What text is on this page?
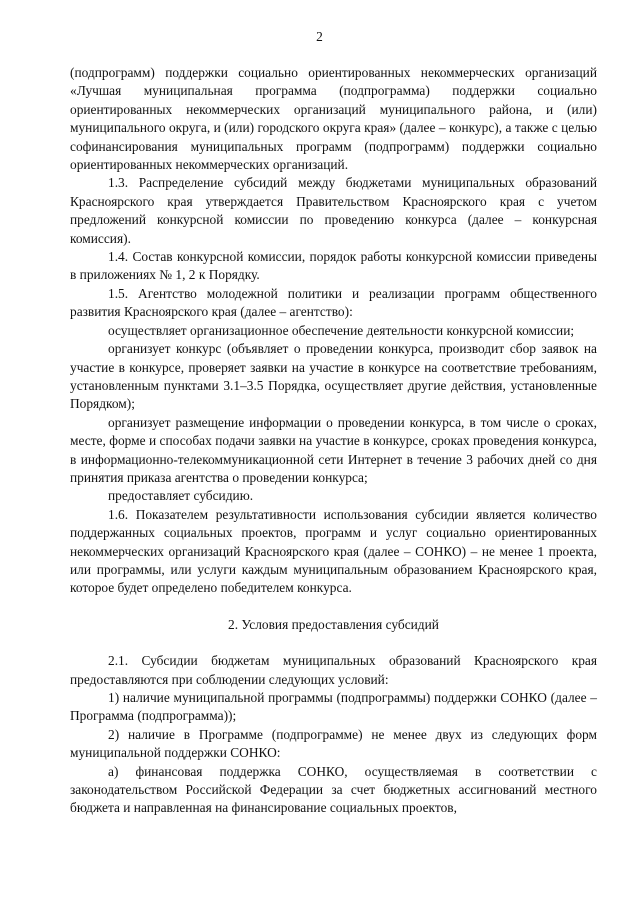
2

(подпрограмм) поддержки социально ориентированных некоммерческих организаций «Лучшая муниципальная программа (подпрограмма) поддержки социально ориентированных некоммерческих организаций муниципального района, и (или) муниципального округа, и (или) городского округа края» (далее – конкурс), а также с целью софинансирования муниципальных программ (подпрограмм) поддержки социально ориентированных некоммерческих организаций.

1.3. Распределение субсидий между бюджетами муниципальных образований Красноярского края утверждается Правительством Красноярского края с учетом предложений конкурсной комиссии по проведению конкурса (далее – конкурсная комиссия).

1.4. Состав конкурсной комиссии, порядок работы конкурсной комиссии приведены в приложениях № 1, 2 к Порядку.

1.5. Агентство молодежной политики и реализации программ общественного развития Красноярского края (далее – агентство):

осуществляет организационное обеспечение деятельности конкурсной комиссии;

организует конкурс (объявляет о проведении конкурса, производит сбор заявок на участие в конкурсе, проверяет заявки на участие в конкурсе на соответствие требованиям, установленным пунктами 3.1–3.5 Порядка, осуществляет другие действия, установленные Порядком);

организует размещение информации о проведении конкурса, в том числе о сроках, месте, форме и способах подачи заявки на участие в конкурсе, сроках проведения конкурса, в информационно-телекоммуникационной сети Интернет в течение 3 рабочих дней со дня принятия приказа агентства о проведении конкурса;

предоставляет субсидию.

1.6. Показателем результативности использования субсидии является количество поддержанных социальных проектов, программ и услуг социально ориентированных некоммерческих организаций Красноярского края (далее – СОНКО) – не менее 1 проекта, или программы, или услуги каждым муниципальным образованием Красноярского края, которое будет определено победителем конкурса.

2. Условия предоставления субсидий

2.1. Субсидии бюджетам муниципальных образований Красноярского края предоставляются при соблюдении следующих условий:

1) наличие муниципальной программы (подпрограммы) поддержки СОНКО (далее – Программа (подпрограмма));

2) наличие в Программе (подпрограмме) не менее двух из следующих форм муниципальной поддержки СОНКО:

а) финансовая поддержка СОНКО, осуществляемая в соответствии с законодательством Российской Федерации за счет бюджетных ассигнований местного бюджета и направленная на финансирование социальных проектов,
